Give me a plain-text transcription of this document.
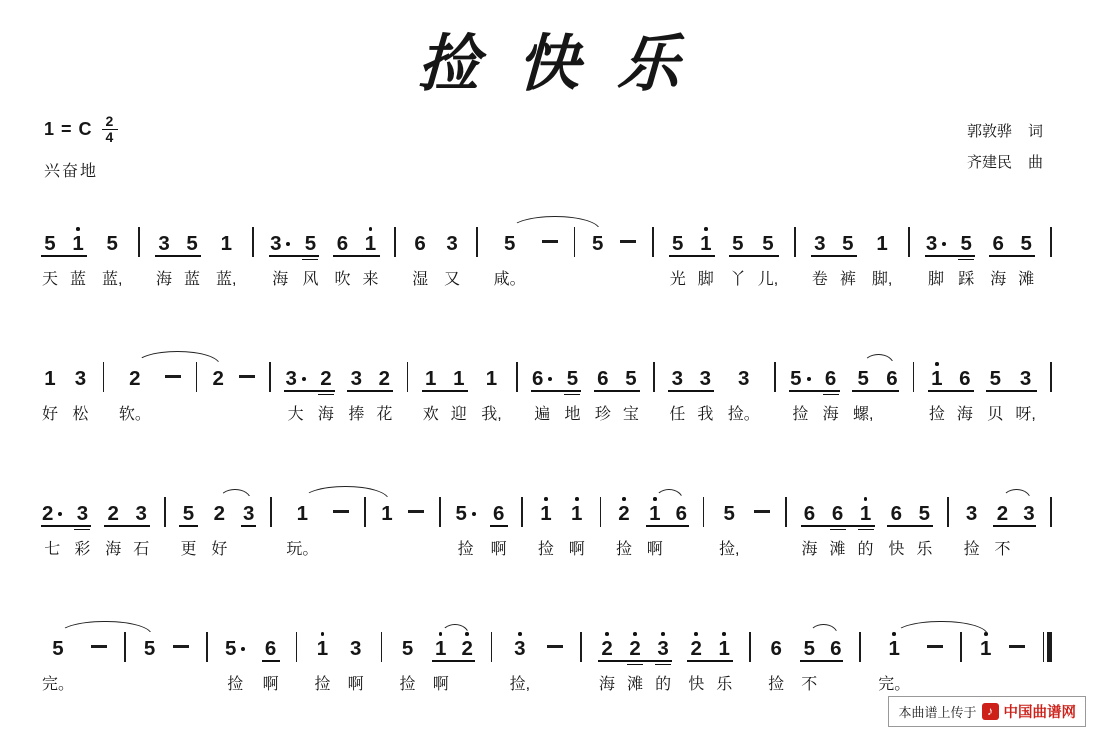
捡快乐
1 = C $\frac{2}{4}$
兴奋地
郭敦骅 词
齐建民 曲
5
天
1
蓝
5
蓝,
3
海
5
蓝
1
蓝,
3
海
5
风
6
吹
1
来
6
湿
3
又
5
咸。
5	5
光
1
脚
5
丫
5
儿,
3
卷
5
裤
1
脚,
3
脚
5
踩
6
海
5
滩
1
好
3
松
2
软。
2	3
大
2
海
3
捧
2
花
1
欢
1
迎
1
我,
6
遍
5
地
6
珍
5
宝
3
任
3
我
3
捡。
5
捡
6
海
5
螺,
6 1
捡
6
海
5
贝
3
呀,
2
七
3
彩
2
海
3
石
5
更
2
好
3 1
玩。
1	5
捡
6
啊
1
捡
1
啊
2
捡
1
啊
6 5
捡,
6
海
6
滩
1
的
6
快
5
乐
3
捡
2
不
3
5
完。
5	5
捡
6
啊
1
捡
3
啊
5
捡
1
啊
2 3
捡,
2
海
2
滩
3
的
2
快
1
乐
6
捡
5
不
6 1
完。
1
本曲谱上传于 ♪ 中国曲谱网
